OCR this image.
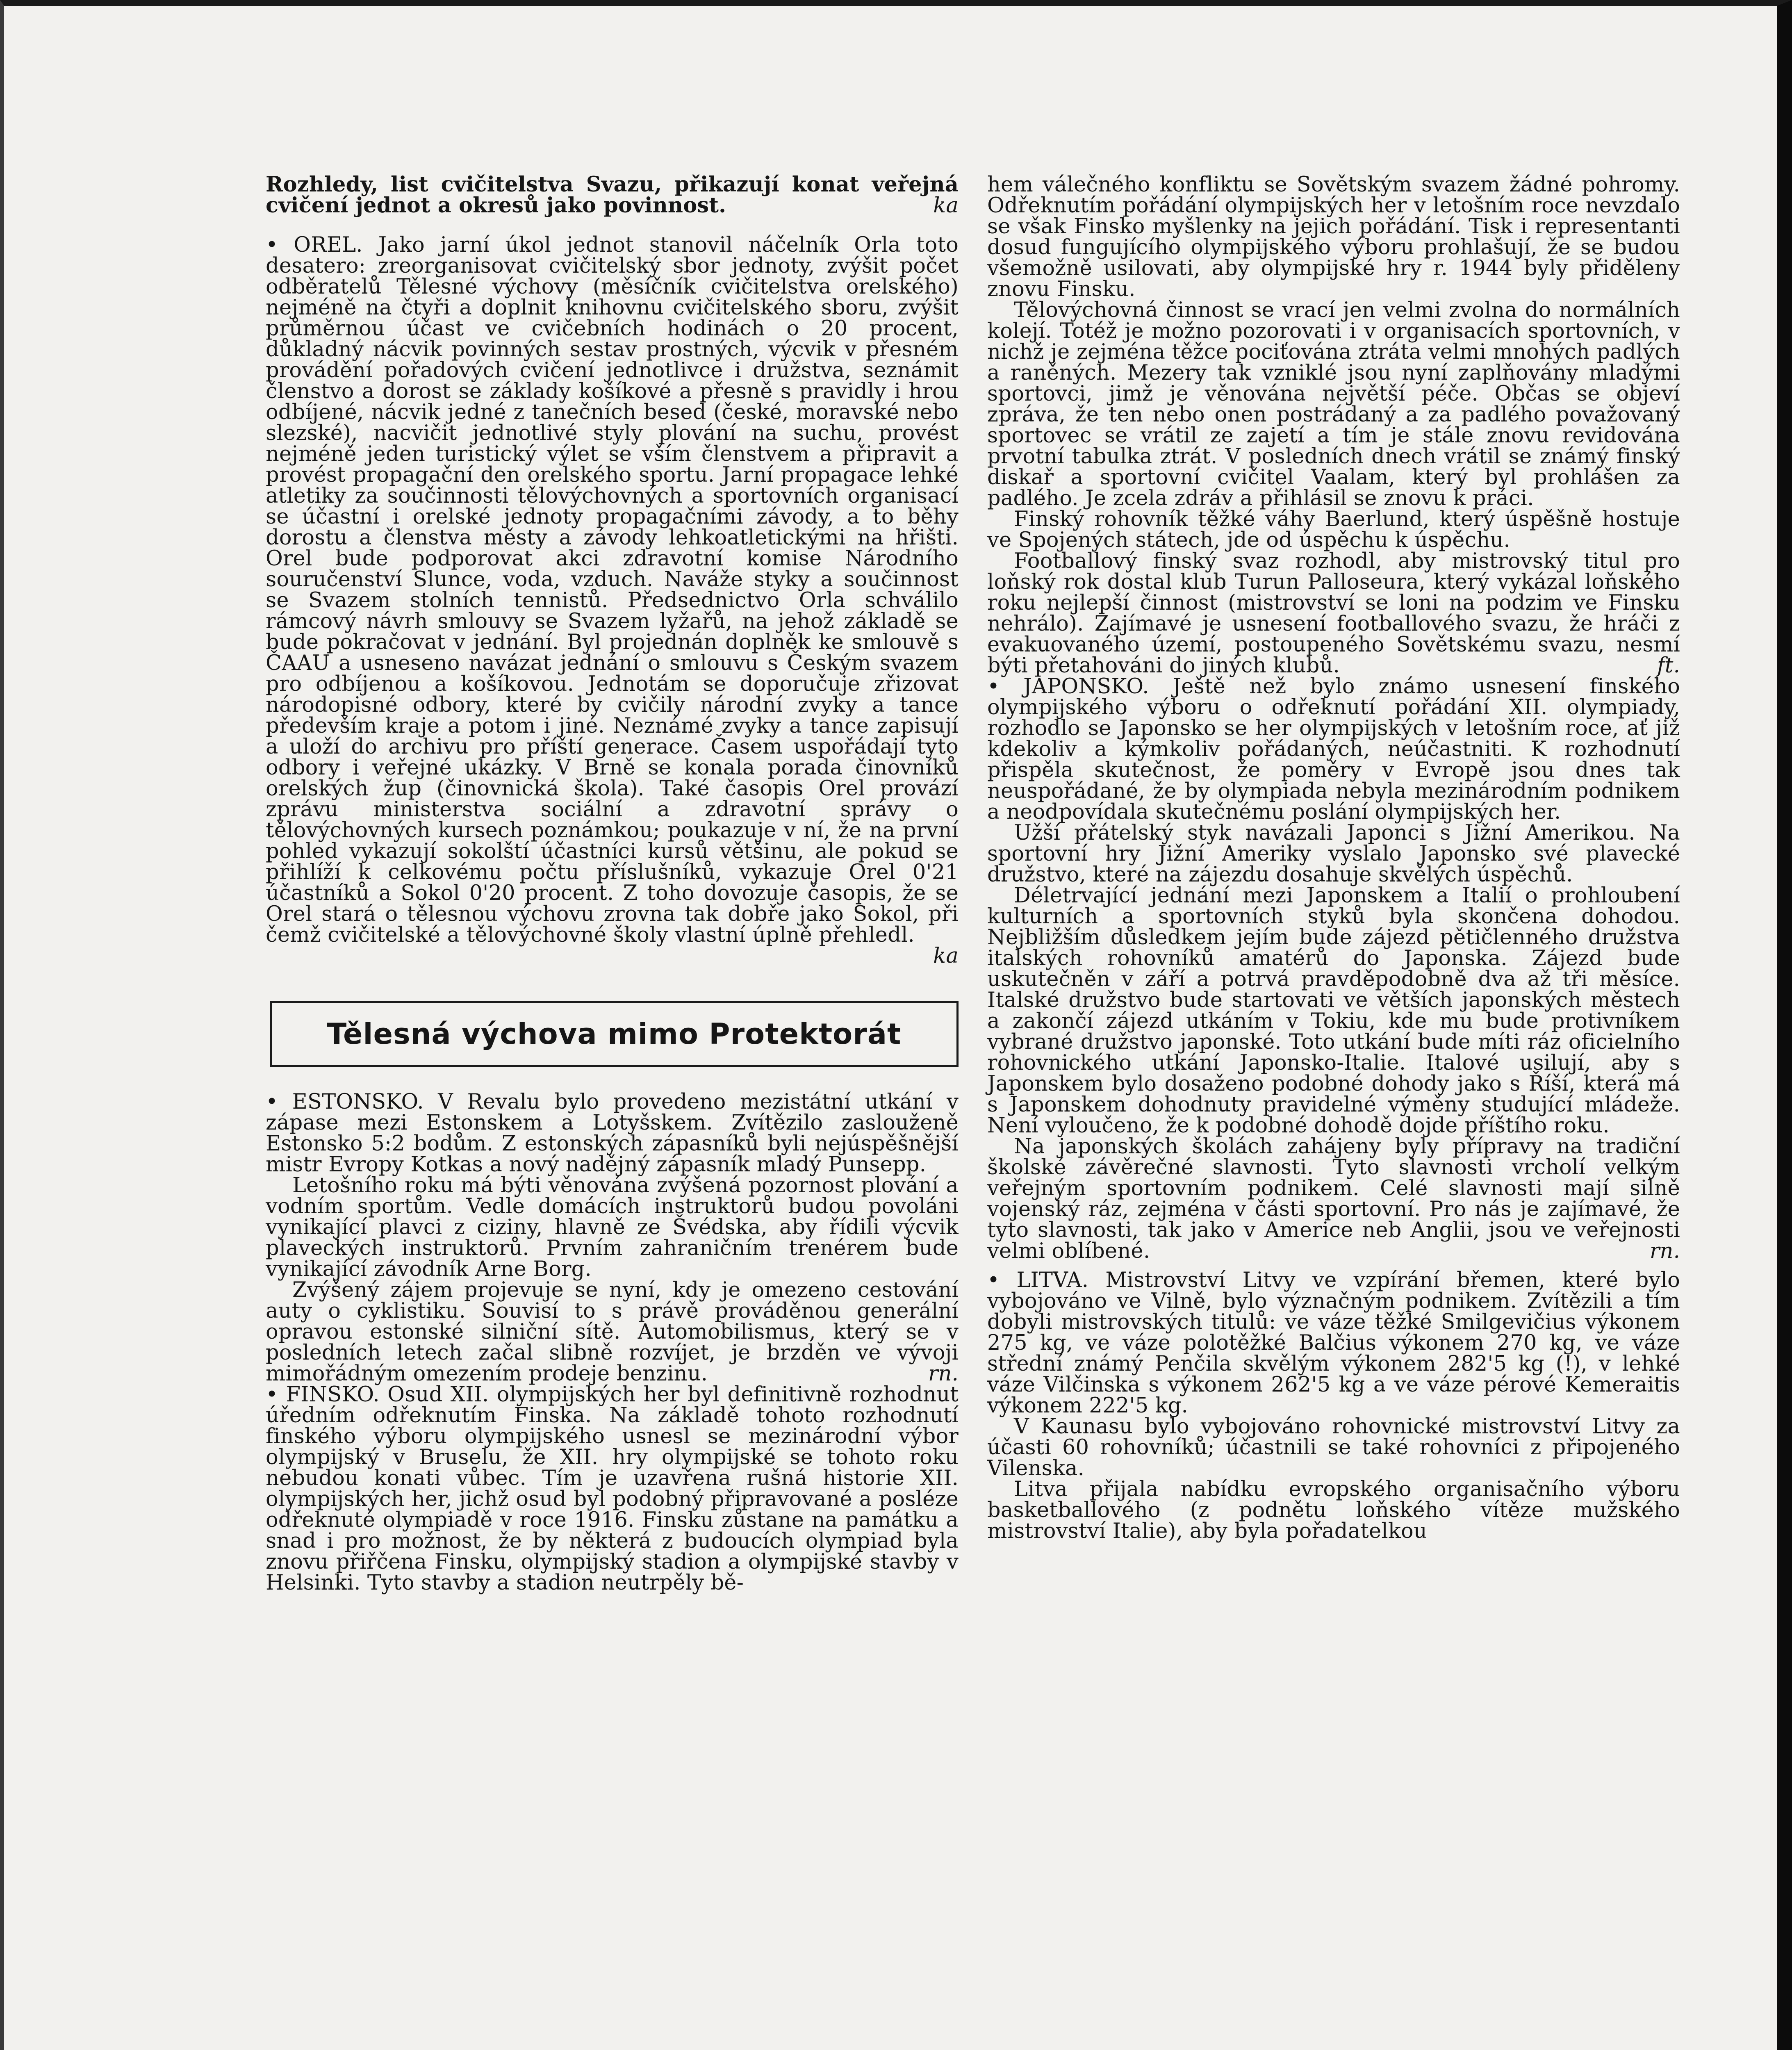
Rozhledy, list cvičitelstva Svazu, přikazují konat veřejná cvičení jednot a okresů jako povinnost.	ka

• OREL. Jako jarní úkol jednot stanovil náčelník Orla toto desatero: zreorganisovat cvičitelský sbor jednoty, zvýšit počet odběratelů Tělesné výchovy (měsíčník cvičitelstva orelského) nejméně na čtyři a doplnit knihovnu cvičitelského sboru, zvýšit průměrnou účast ve cvičebních hodinách o 20 procent, důkladný nácvik povinných sestav prostných, výcvik v přesném provádění pořadových cvičení jednotlivce i družstva, seznámit členstvo a dorost se základy košíkové a přesně s pravidly i hrou odbíjené, nácvik jedné z tanečních besed (české, moravské nebo slezské), nacvičit jednotlivé styly plování na suchu, provést nejméně jeden turistický výlet se vším členstvem a připravit a provést propagační den orelského sportu. Jarní propagace lehké atletiky za součinnosti tělovýchovných a sportovních organisací se účastní i orelské jednoty propagačními závody, a to běhy dorostu a členstva městy a závody lehkoatletickými na hřišti. Orel bude podporovat akci zdravotní komise Národního souručenství Slunce, voda, vzduch. Naváže styky a součinnost se Svazem stolních tennistů. Předsednictvo Orla schválilo rámcový návrh smlouvy se Svazem lyžařů, na jehož základě se bude pokračovat v jednání. Byl projednán doplněk ke smlouvě s ČAAU a usneseno navázat jednání o smlouvu s Českým svazem pro odbíjenou a košíkovou. Jednotám se doporučuje zřizovat národopisné odbory, které by cvičily národní zvyky a tance především kraje a potom i jiné. Neznámé zvyky a tance zapisují a uloží do archivu pro příští generace. Časem uspořádají tyto odbory i veřejné ukázky. V Brně se konala porada činovníků orelských žup (činovnická škola). Také časopis Orel provází zprávu ministerstva sociální a zdravotní správy o tělovýchovných kursech poznámkou; poukazuje v ní, že na první pohled vykazují sokolští účastníci kursů většinu, ale pokud se přihlíží k celkovému počtu příslušníků, vykazuje Orel 0'21 účastníků a Sokol 0'20 procent. Z toho dovozuje časopis, že se Orel stará o tělesnou výchovu zrovna tak dobře jako Sokol, při čemž cvičitelské a tělovýchovné školy vlastní úplně přehledl.

ka
Tělesná výchova mimo Protektorát

• ESTONSKO. V Revalu bylo provedeno mezistátní utkání v zápase mezi Estonskem a Lotyšskem. Zvítězilo zaslouženě Estonsko 5:2 bodům. Z estonských zápasníků byli nejúspěšnější mistr Evropy Kotkas a nový nadějný zápasník mladý Punsepp.

Letošního roku má býti věnována zvýšená pozornost plování a vodním sportům. Vedle domácích instruktorů budou povoláni vynikající plavci z ciziny, hlavně ze Švédska, aby řídili výcvik plaveckých instruktorů. Prvním zahraničním trenérem bude vynikající závodník Arne Borg.

Zvýšený zájem projevuje se nyní, kdy je omezeno cestování auty o cyklistiku. Souvisí to s právě prováděnou generální opravou estonské silniční sítě. Automobilismus, který se v posledních letech začal slibně rozvíjet, je brzděn ve vývoji mimořádným omezením prodeje benzinu.	rn.

• FINSKO. Osud XII. olympijských her byl definitivně rozhodnut úředním odřeknutím Finska. Na základě tohoto rozhodnutí finského výboru olympijského usnesl se mezinárodní výbor olympijský v Bruselu, že XII. hry olympijské se tohoto roku nebudou konati vůbec. Tím je uzavřena rušná historie XII. olympijských her, jichž osud byl podobný připravované a posléze odřeknuté olympiadě v roce 1916. Finsku zůstane na památku a snad i pro možnost, že by některá z budoucích olympiad byla znovu přiřčena Finsku, olympijský stadion a olympijské stavby v Helsinki. Tyto stavby a stadion neutrpěly bě-

hem válečného konfliktu se Sovětským svazem žádné pohromy. Odřeknutím pořádání olympijských her v letošním roce nevzdalo se však Finsko myšlenky na jejich pořádání. Tisk i representanti dosud fungujícího olympijského výboru prohlašují, že se budou všemožně usilovati, aby olympijské hry r. 1944 byly přiděleny znovu Finsku.

Tělovýchovná činnost se vrací jen velmi zvolna do normálních kolejí. Totéž je možno pozorovati i v organisacích sportovních, v nichž je zejména těžce pociťována ztráta velmi mnohých padlých a raněných. Mezery tak vzniklé jsou nyní zaplňovány mladými sportovci, jimž je věnována největší péče. Občas se objeví zpráva, že ten nebo onen postrádaný a za padlého považovaný sportovec se vrátil ze zajetí a tím je stále znovu revidována prvotní tabulka ztrát. V posledních dnech vrátil se známý finský diskař a sportovní cvičitel Vaalam, který byl prohlášen za padlého. Je zcela zdráv a přihlásil se znovu k práci.

Finský rohovník těžké váhy Baerlund, který úspěšně hostuje ve Spojených státech, jde od úspěchu k úspěchu.

Footballový finský svaz rozhodl, aby mistrovský titul pro loňský rok dostal klub Turun Palloseura, který vykázal loňského roku nejlepší činnost (mistrovství se loni na podzim ve Finsku nehrálo). Zajímavé je usnesení footballového svazu, že hráči z evakuovaného území, postoupeného Sovětskému svazu, nesmí býti přetahováni do jiných klubů.	ft.

• JAPONSKO. Ještě než bylo známo usnesení finského olympijského výboru o odřeknutí pořádání XII. olympiady, rozhodlo se Japonsko se her olympijských v letošním roce, ať již kdekoliv a kýmkoliv pořádaných, neúčastniti. K rozhodnutí přispěla skutečnost, že poměry v Evropě jsou dnes tak neuspořádané, že by olympiada nebyla mezinárodním podnikem a neodpovídala skutečnému poslání olympijských her.

Užší přátelský styk navázali Japonci s Jižní Amerikou. Na sportovní hry Jižní Ameriky vyslalo Japonsko své plavecké družstvo, které na zájezdu dosahuje skvělých úspěchů.

Déletrvající jednání mezi Japonskem a Italií o prohloubení kulturních a sportovních styků byla skončena dohodou. Nejbližším důsledkem jejím bude zájezd pětičlenného družstva italských rohovníků amatérů do Japonska. Zájezd bude uskutečněn v září a potrvá pravděpodobně dva až tři měsíce. Italské družstvo bude startovati ve větších japonských městech a zakončí zájezd utkáním v Tokiu, kde mu bude protivníkem vybrané družstvo japonské. Toto utkání bude míti ráz oficielního rohovnického utkání Japonsko-Italie. Italové usilují, aby s Japonskem bylo dosaženo podobné dohody jako s Říší, která má s Japonskem dohodnuty pravidelné výměny studující mládeže. Není vyloučeno, že k podobné dohodě dojde příštího roku.

Na japonských školách zahájeny byly přípravy na tradiční školské závěrečné slavnosti. Tyto slavnosti vrcholí velkým veřejným sportovním podnikem. Celé slavnosti mají silně vojenský ráz, zejména v části sportovní. Pro nás je zajímavé, že tyto slavnosti, tak jako v Americe neb Anglii, jsou ve veřejnosti velmi oblíbené.	rn.

• LITVA. Mistrovství Litvy ve vzpírání břemen, které bylo vybojováno ve Vilně, bylo význačným podnikem. Zvítězili a tím dobyli mistrovských titulů: ve váze těžké Smilgevičius výkonem 275 kg, ve váze polotěžké Balčius výkonem 270 kg, ve váze střední známý Penčila skvělým výkonem 282'5 kg (!), v lehké váze Vilčinska s výkonem 262'5 kg a ve váze pérové Kemeraitis výkonem 222'5 kg.

V Kaunasu bylo vybojováno rohovnické mistrovství Litvy za účasti 60 rohovníků; účastnili se také rohovníci z připojeného Vilenska.

Litva přijala nabídku evropského organisačního výboru basketballového (z podnětu loňského vítěze mužského mistrovství Italie), aby byla pořadatelkou
